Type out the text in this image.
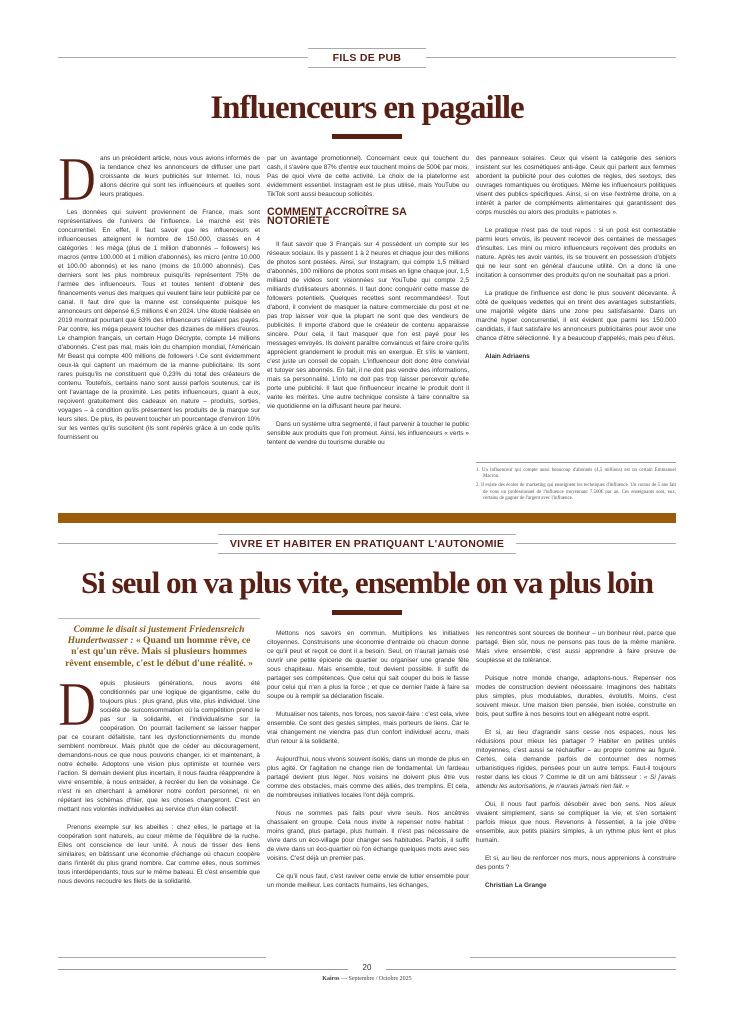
FILS DE PUB
Influenceurs en pagaille

Dans un précédent article, nous vous avions informés de la tendance chez les annonceurs de diffuser une part croissante de leurs publicités sur Internet. Ici, nous allons décrire qui sont les influenceurs et quelles sont leurs pratiques.

Les données qui suivent proviennent de France, mais sont représentatives de l'univers de l'influence. Le marché est très concurrentiel. En effet, il faut savoir que les influenceurs et influenceuses atteignent le nombre de 150.000, classés en 4 catégories : les méga (plus de 1 million d'abonnés – followers) les macros (entre 100.000 et 1 million d'abonnés), les micro (entre 10.000 et 100.00 abonnés) et les nano (moins de 10.000 abonnés). Ces derniers sont les plus nombreux puisqu'ils représentent 75% de l'armée des influenceurs. Tous et toutes tentent d'obtenir des financements venus des marques qui veulent faire leur publicité par ce canal. Il faut dire que la manne est conséquente puisque les annonceurs ont dépensé 6,5 millions € en 2024. Une étude réalisée en 2019 montrait pourtant que 63% des influenceurs n'étaient pas payés. Par contre, les méga peuvent toucher des dizaines de milliers d'euros. Le champion français, un certain Hugo Décrypte, compte 14 millions d'abonnés. C'est pas mal, mais loin du champion mondial, l'Américain Mr Beast qui compte 400 millions de followers ¹.Ce sont évidemment ceux-là qui captent un maximum de la manne publicitaire. Ils sont rares puisqu'ils ne constituent que 0,23% du total des créateurs de contenu. Toutefois, certains nano sont aussi parfois soutenus, car ils ont l'avantage de la proximité. Les petits influenceurs, quant à eux, reçoivent gratuitement des cadeaux en nature – produits, sorties, voyages – à condition qu'ils présentent les produits de la marque sur leurs sites. De plus, ils peuvent toucher un pourcentage d'environ 10% sur les ventes qu'ils suscitent (ils sont repérés grâce à un code qu'ils fournissent ou

par un avantage promotionnel). Concernant ceux qui touchent du cash, il s'avère que 87% d'entre eux touchent moins de 500€ par mois. Pas de quoi vivre de cette activité. Le choix de la plateforme est évidemment essentiel. Instagram est le plus utilisé, mais YouTube ou TikTok sont aussi beaucoup sollicités.

COMMENT ACCROÎTRE SA NOTORIÉTÉ

Il faut savoir que 3 Français sur 4 possèdent un compte sur les réseaux sociaux. Ils y passent 1 à 2 heures et chaque jour des millions de photos sont postées. Ainsi, sur Instagram, qui compte 1,5 milliard d'abonnés, 100 millions de photos sont mises en ligne chaque jour, 1,5 milliard de vidéos sont visionnées sur YouTube qui compte 2,5 milliards d'utilisateurs abonnés. Il faut donc conquérir cette masse de followers potentiels. Quelques recettes sont recommandées². Tout d'abord, il convient de masquer la nature commerciale du post et ne pas trop laisser voir que la plupart ne sont que des vendeurs de publicités. Il importe d'abord que le créateur de contenu apparaisse sincère. Pour cela, il faut masquer que l'on est payé pour les messages envoyés. Ils doivent paraître convaincus et faire croire qu'ils apprécient grandement le produit mis en exergue. Et s'ils le vantent, c'est juste un conseil de copain. L'influenceur doit donc être convivial et tutoyer ses abonnés. En fait, il ne doit pas vendre des informations, mais sa personnalité. L'info ne doit pas trop laisser percevoir qu'elle porte une publicité. Il faut que l'influenceur incarne le produit dont il vante les mérites. Une autre technique consiste à faire connaître sa vie quotidienne en la diffusant heure par heure.

Dans un système ultra segmenté, il faut parvenir à toucher le public sensible aux produits que l'on promeut. Ainsi, les influenceurs « verts » tentent de vendre du tourisme durable ou

des panneaux solaires. Ceux qui visent la catégorie des seniors insistent sur les cosmétiques anti-âge. Ceux qui parlent aux femmes abordent la publicité pour des culottes de règles, des sextoys, des ouvrages romantiques ou érotiques. Même les influenceurs politiques visent des publics spécifiques. Ainsi, si on vise l'extrême droite, on a intérêt à parler de compléments alimentaires qui garantissent des corps musclés ou alors des produits « patriotes ».

Le pratique n'est pas de tout repos : si un post est contestable parmi leurs envois, ils peuvent recevoir des centaines de messages d'insultes. Les mini ou micro influenceurs reçoivent des produits en nature. Après les avoir vantés, ils se trouvent en possession d'objets qui ne leur sont en général d'aucune utilité. On a donc là une incitation à consommer des produits qu'on ne souhaitait pas a priori.

La pratique de l'influence est donc le plus souvent décevante. À côté de quelques vedettes qui en tirent des avantages substantiels, une majorité végète dans une zone peu satisfaisante. Dans un marché hyper concurrentiel, il est évident que parmi les 150.000 candidats, il faut satisfaire les annonceurs publicitaires pour avoir une chance d'être sélectionné. Il y a beaucoup d'appelés, mais peu d'élus.

Alain Adriaens

1. Un influenceur qui compte aussi beaucoup d'abonnés (4,5 millions) est un certain Emmanuel Macron.
2. Il existe des écoles de marketing qui enseignent les techniques d'influence. Un cursus de 5 ans fait de vous un professionnel de l'influence moyennant 7.500€ par an. Ces enseignants sont, eux, certains de gagner de l'argent avec l'influence.
VIVRE ET HABITER EN PRATIQUANT L'AUTONOMIE
Si seul on va plus vite, ensemble on va plus loin
Comme le disait si justement Friedensreich Hundertwasser : « Quand un homme rêve, ce n'est qu'un rêve. Mais si plusieurs hommes rêvent ensemble, c'est le début d'une réalité. »

Depuis plusieurs générations, nous avons été conditionnés par une logique de gigantisme, celle du toujours plus : plus grand, plus vite, plus individuel. Une société de surconsommation où la compétition prend le pas sur la solidarité, et l'individualisme sur la coopération. On pourrait facilement se laisser happer par ce courant défaitiste, tant les dysfonctionnements du monde semblent nombreux. Mais plutôt que de céder au découragement, demandons-nous ce que nous pouvons changer, ici et maintenant, à notre échelle. Adoptons une vision plus optimiste et tournée vers l'action. Si demain devient plus incertain, il nous faudra réapprendre à vivre ensemble, à nous entraider, à recréer du lien de voisinage. Ce n'est ni en cherchant à améliorer notre confort personnel, ni en répétant les schémas d'hier, que les choses changeront. C'est en mettant nos volontés individuelles au service d'un élan collectif.

Prenons exemple sur les abeilles : chez elles, le partage et la coopération sont naturels, au cœur même de l'équilibre de la ruche. Elles ont conscience de leur unité. À nous de tisser des liens similaires, en bâtissant une économie d'échange où chacun coopère dans l'intérêt du plus grand nombre. Car comme elles, nous sommes tous interdépendants, tous sur le même bateau. Et c'est ensemble que nous devons recoudre les filets de la solidarité.

Mettons nos savoirs en commun. Multiplions les initiatives citoyennes. Construisons une économie d'entraide où chacun donne ce qu'il peut et reçoit ce dont il a besoin. Seul, on n'aurait jamais osé ouvrir une petite épicerie de quartier ou organiser une grande fête sous chapiteau. Mais ensemble, tout devient possible. Il suffit de partager ses compétences. Que celui qui sait couper du bois le fasse pour celui qui n'en a plus la force ; et que ce dernier l'aide à faire sa soupe ou à remplir sa déclaration fiscale.

Mutualiser nos talents, nos forces, nos savoir-faire : c'est cela, vivre ensemble. Ce sont des gestes simples, mais porteurs de liens. Car le vrai changement ne viendra pas d'un confort individuel accru, mais d'un retour à la solidarité.

Aujourd'hui, nous vivons souvent isolés, dans un monde de plus en plus agité. Or l'agitation ne change rien de fondamental. Un fardeau partagé devient plus léger. Nos voisins ne doivent plus être vus comme des obstacles, mais comme des alliés, des tremplins. Et cela, de nombreuses initiatives locales l'ont déjà compris.

Nous ne sommes pas faits pour vivre seuls. Nos ancêtres chassaient en groupe. Cela nous invite à repenser notre habitat : moins grand, plus partagé, plus humain. Il n'est pas nécessaire de vivre dans un éco-village pour changer ses habitudes. Parfois, il suffit de vivre dans un éco-quartier où l'on échange quelques mots avec ses voisins. C'est déjà un premier pas.

Ce qu'il nous faut, c'est raviver cette envie de lutter ensemble pour un monde meilleur. Les contacts humains, les échanges,

les rencontres sont sources de bonheur – un bonheur réel, parce que partagé. Bien sûr, nous ne pensons pas tous de la même manière. Mais vivre ensemble, c'est aussi apprendre à faire preuve de souplesse et de tolérance.

Puisque notre monde change, adaptons-nous. Repenser nos modes de construction devient nécessaire. Imaginons des habitats plus simples, plus modulables, durables, évolutifs. Moins, c'est souvent mieux. Une maison bien pensée, bien isolée, construite en bois, peut suffire à nos besoins tout en allégeant notre esprit.

Et si, au lieu d'agrandir sans cesse nos espaces, nous les réduisions pour mieux les partager ? Habiter en petites unités mitoyennes, c'est aussi se réchauffer – au propre comme au figuré. Certes, cela demande parfois de contourner des normes urbanistiques rigides, pensées pour un autre temps. Faut-il toujours rester dans les clous ? Comme le dit un ami bâtisseur : « Si j'avais attendu les autorisations, je n'aurais jamais rien fait. »

Oui, il nous faut parfois désobéir avec bon sens. Nos aïeux vivaient simplement, sans se compliquer la vie, et s'en sortaient parfois mieux que nous. Revenons à l'essentiel, à la joie d'être ensemble, aux petits plaisirs simples, à un rythme plus lent et plus humain.

Et si, au lieu de renforcer nos murs, nous apprenions à construire des ponts ?

Christian La Grange

20
Kairos — Septembre / Octobre 2025
